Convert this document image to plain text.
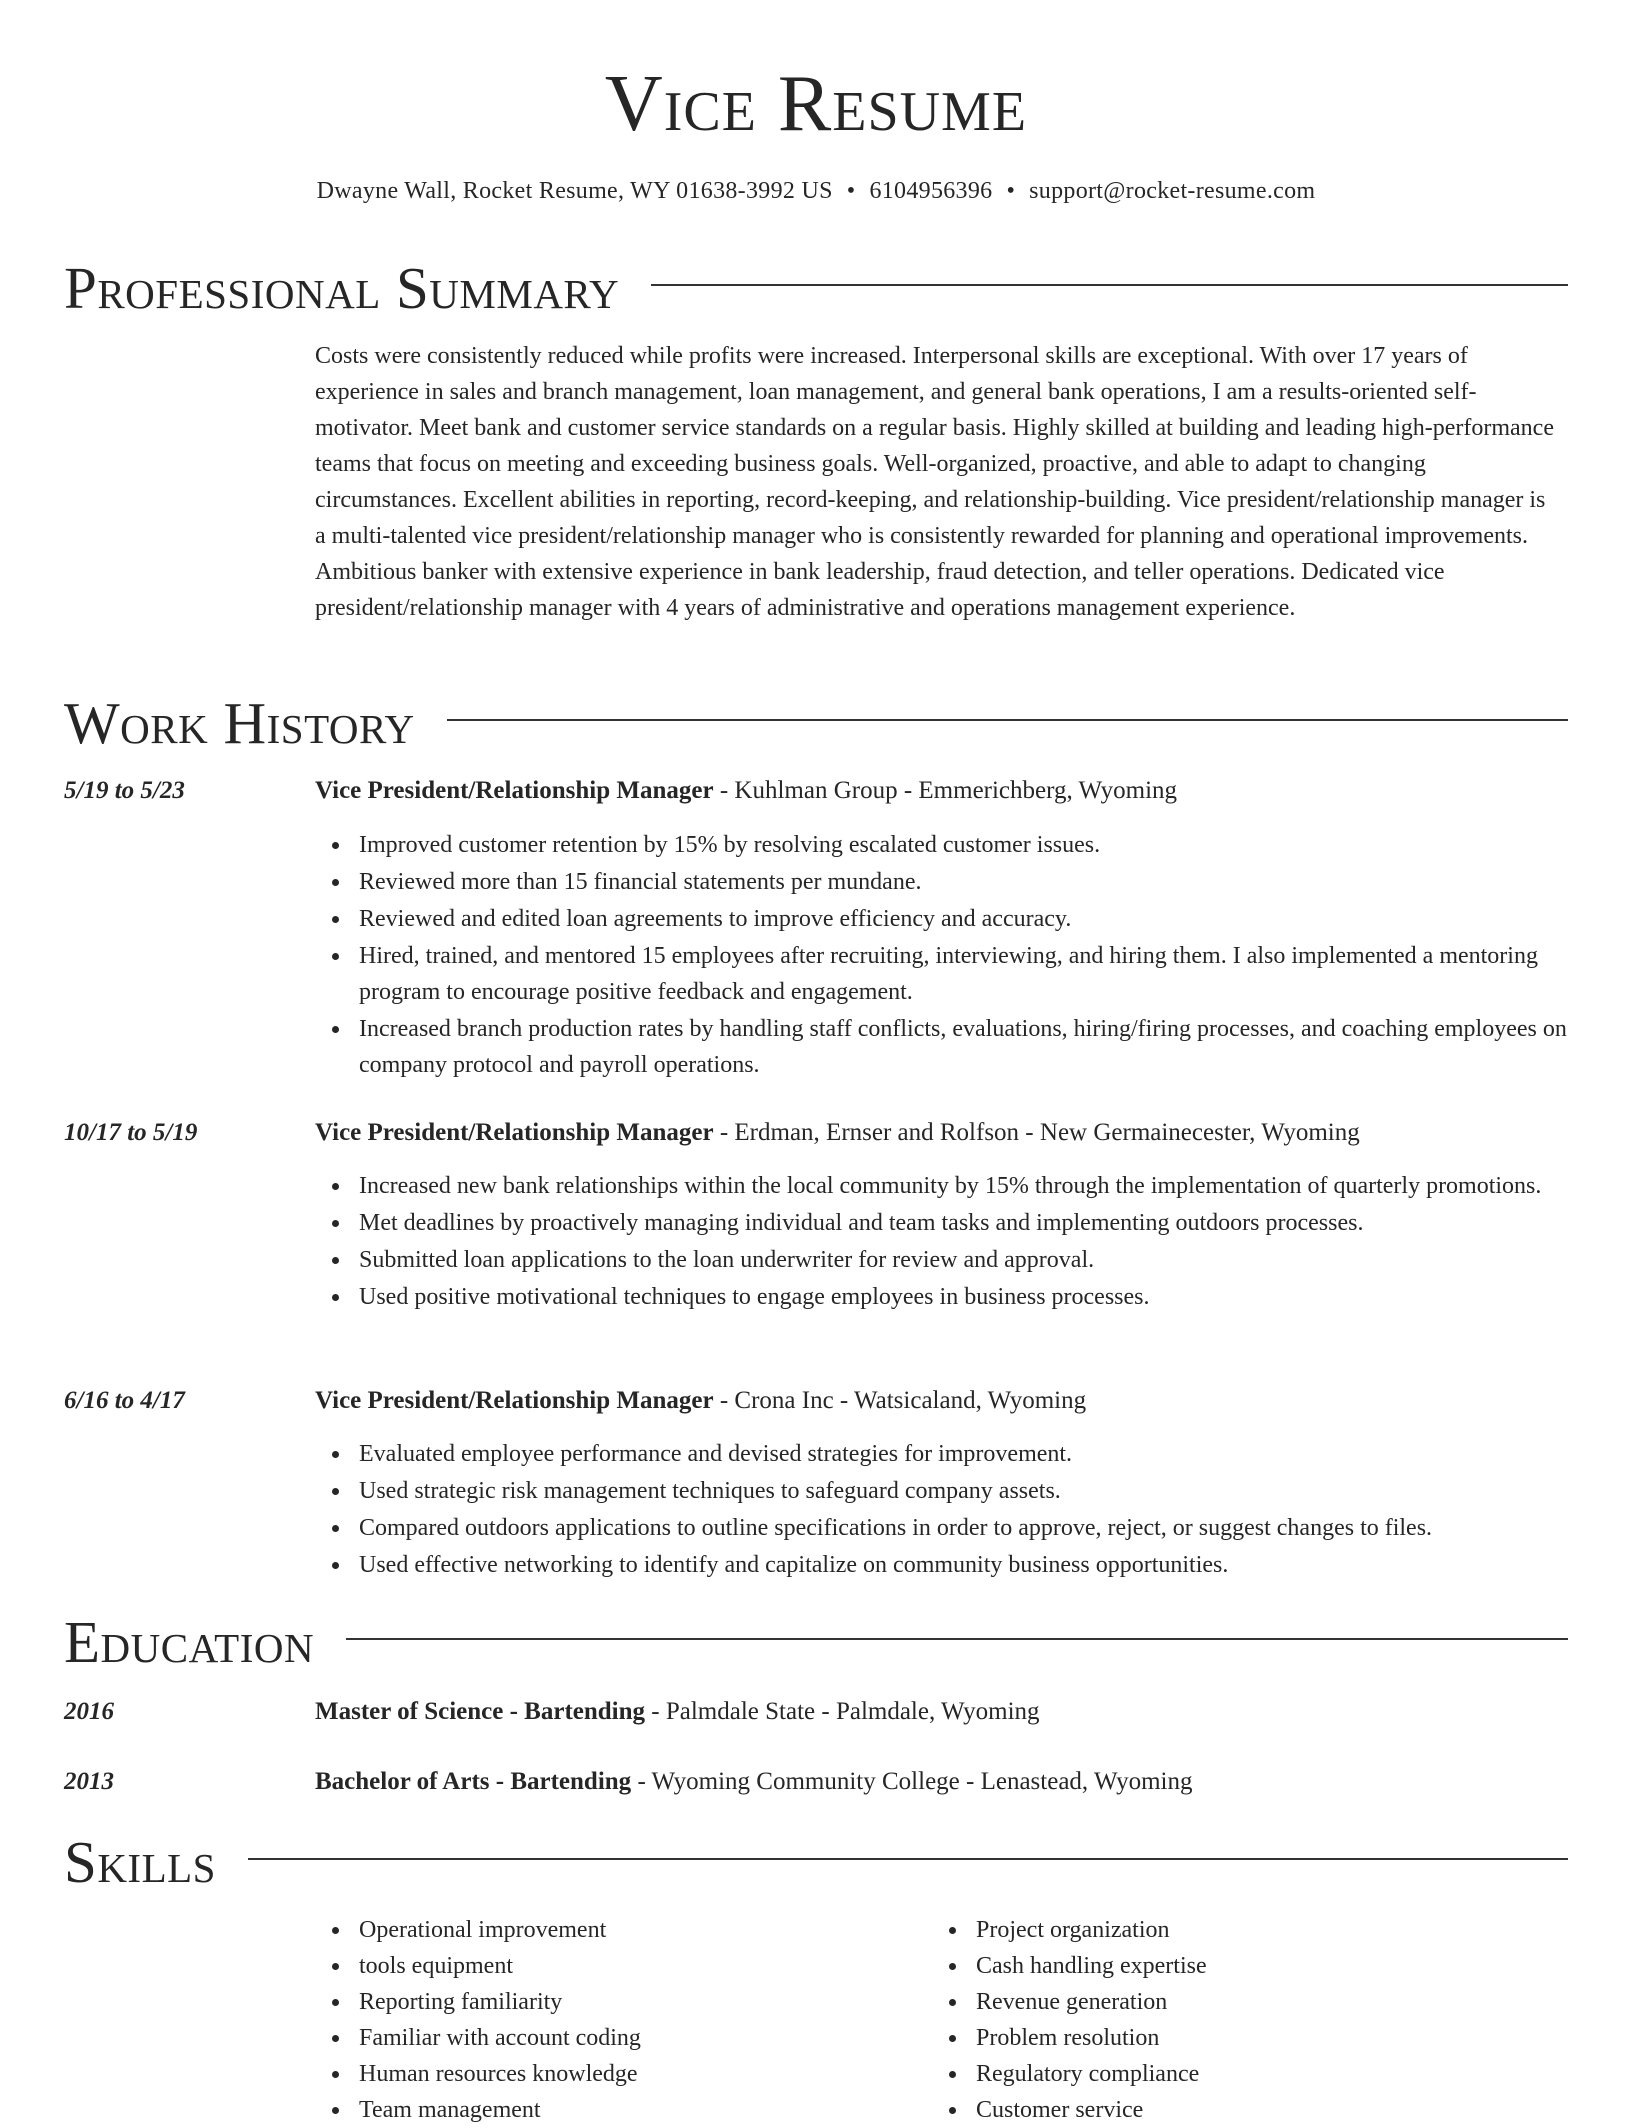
Vice Resume
Dwayne Wall, Rocket Resume, WY 01638-3992 US • 6104956396 • support@rocket-resume.com
Professional Summary
Costs were consistently reduced while profits were increased. Interpersonal skills are exceptional. With over 17 years of experience in sales and branch management, loan management, and general bank operations, I am a results-oriented self-motivator. Meet bank and customer service standards on a regular basis. Highly skilled at building and leading high-performance teams that focus on meeting and exceeding business goals. Well-organized, proactive, and able to adapt to changing circumstances. Excellent abilities in reporting, record-keeping, and relationship-building. Vice president/relationship manager is a multi-talented vice president/relationship manager who is consistently rewarded for planning and operational improvements. Ambitious banker with extensive experience in bank leadership, fraud detection, and teller operations. Dedicated vice president/relationship manager with 4 years of administrative and operations management experience.
Work History
5/19 to 5/23	Vice President/Relationship Manager - Kuhlman Group - Emmerichberg, Wyoming
Improved customer retention by 15% by resolving escalated customer issues.
Reviewed more than 15 financial statements per mundane.
Reviewed and edited loan agreements to improve efficiency and accuracy.
Hired, trained, and mentored 15 employees after recruiting, interviewing, and hiring them. I also implemented a mentoring program to encourage positive feedback and engagement.
Increased branch production rates by handling staff conflicts, evaluations, hiring/firing processes, and coaching employees on company protocol and payroll operations.
10/17 to 5/19	Vice President/Relationship Manager - Erdman, Ernser and Rolfson - New Germainecester, Wyoming
Increased new bank relationships within the local community by 15% through the implementation of quarterly promotions.
Met deadlines by proactively managing individual and team tasks and implementing outdoors processes.
Submitted loan applications to the loan underwriter for review and approval.
Used positive motivational techniques to engage employees in business processes.
6/16 to 4/17	Vice President/Relationship Manager - Crona Inc - Watsicaland, Wyoming
Evaluated employee performance and devised strategies for improvement.
Used strategic risk management techniques to safeguard company assets.
Compared outdoors applications to outline specifications in order to approve, reject, or suggest changes to files.
Used effective networking to identify and capitalize on community business opportunities.
Education
2016	Master of Science - Bartending - Palmdale State - Palmdale, Wyoming
2013	Bachelor of Arts - Bartending - Wyoming Community College - Lenastead, Wyoming
Skills
Operational improvement
tools equipment
Reporting familiarity
Familiar with account coding
Human resources knowledge
Team management
Project organization
Cash handling expertise
Revenue generation
Problem resolution
Regulatory compliance
Customer service
